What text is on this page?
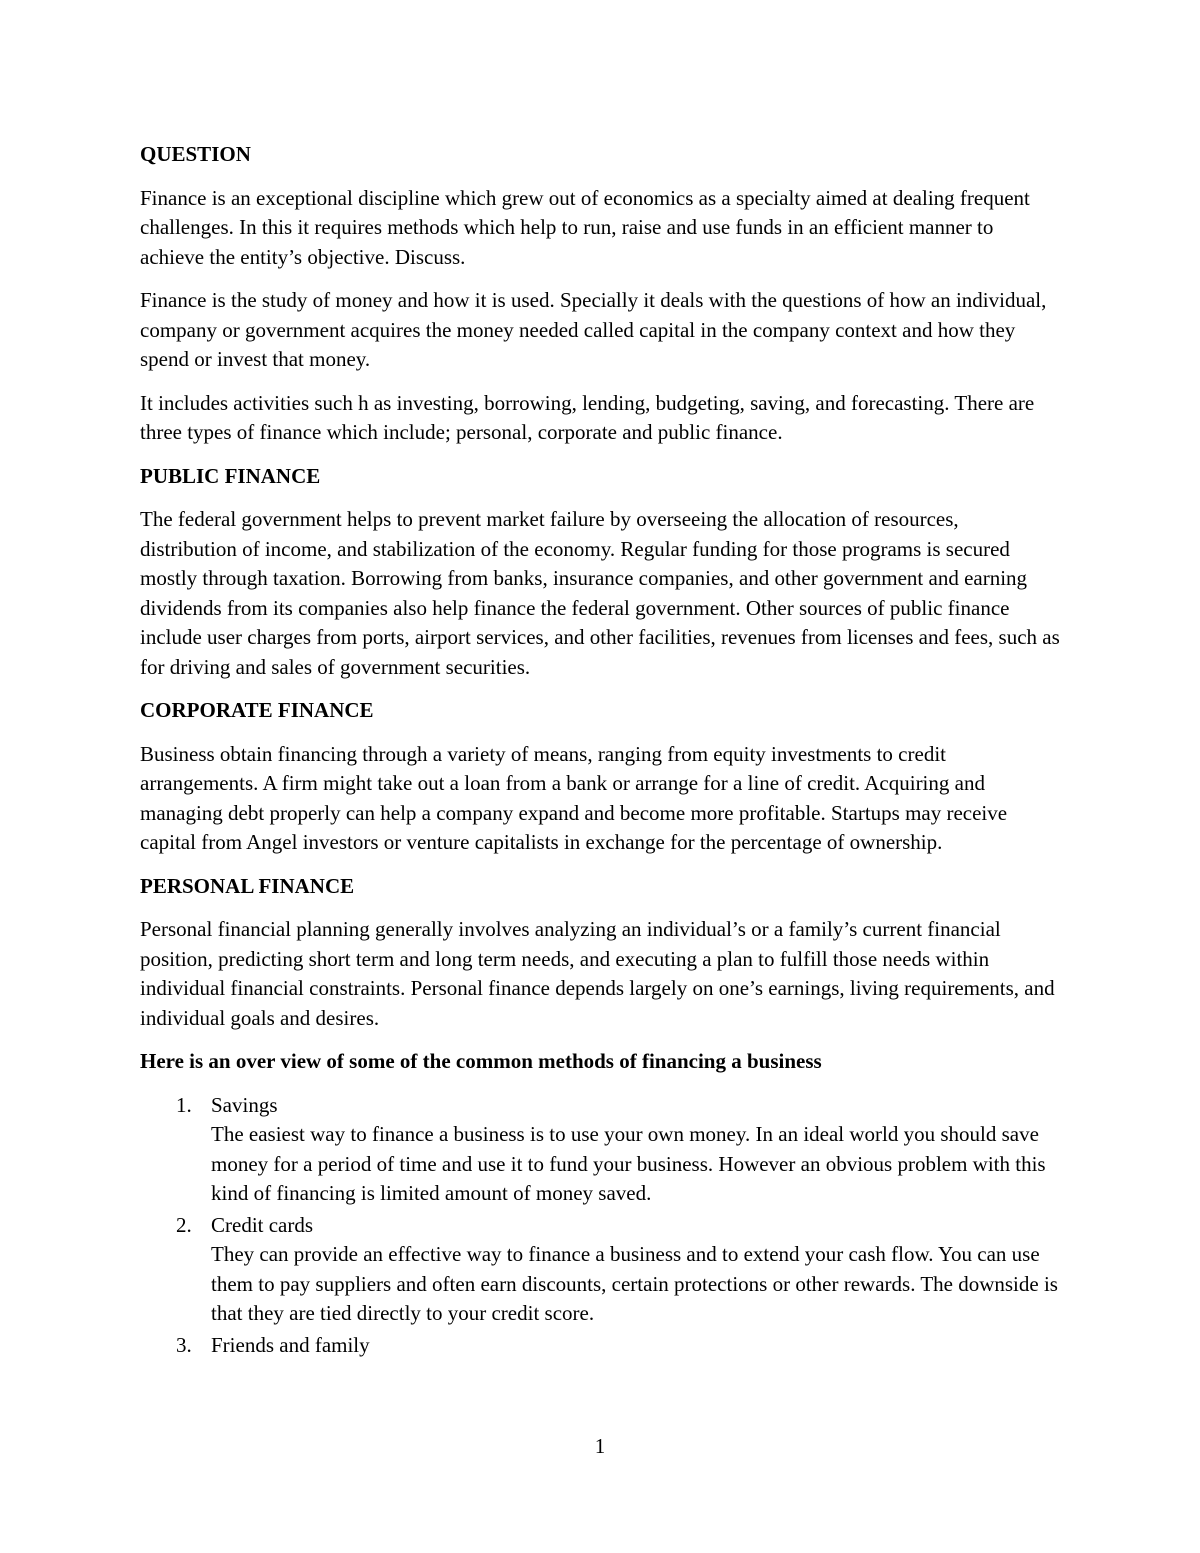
QUESTION
Finance is an exceptional discipline which grew out of economics as a specialty aimed at dealing frequent challenges. In this it requires methods which help to run, raise and use funds in an efficient manner to achieve the entity’s objective. Discuss.
Finance is the study of money and how it is used. Specially it deals with the questions of how an individual, company or government acquires the money needed called capital in the company context and how they spend or invest that money.
It includes activities such h as investing, borrowing, lending, budgeting, saving, and forecasting. There are three types of finance which include; personal, corporate and public finance.
PUBLIC FINANCE
The federal government helps to prevent market failure by overseeing the allocation of resources, distribution of income, and stabilization of the economy. Regular funding for those programs is secured mostly through taxation. Borrowing from banks, insurance companies, and other government and earning dividends from its companies also help finance the federal government. Other sources of public finance include user charges from ports, airport services, and other facilities, revenues from licenses and fees, such as for driving and sales of government securities.
CORPORATE FINANCE
Business obtain financing through a variety of means, ranging from equity investments to credit arrangements. A firm might take out a loan from a bank or arrange for a line of credit. Acquiring and managing debt properly can help a company expand and become more profitable. Startups may receive capital from Angel investors or venture capitalists in exchange for the percentage of ownership.
PERSONAL FINANCE
Personal financial planning generally involves analyzing an individual’s or a family’s current financial position, predicting short term and long term needs, and executing a plan to fulfill those needs within individual financial constraints. Personal finance depends largely on one’s earnings, living requirements, and individual goals and desires.
Here is an over view of some of the common methods of financing a business
1. Savings
The easiest way to finance a business is to use your own money. In an ideal world you should save money for a period of time and use it to fund your business. However an obvious problem with this kind of financing is limited amount of money saved.
2. Credit cards
They can provide an effective way to finance a business and to extend your cash flow. You can use them to pay suppliers and often earn discounts, certain protections or other rewards. The downside is that they are tied directly to your credit score.
3. Friends and family
1
